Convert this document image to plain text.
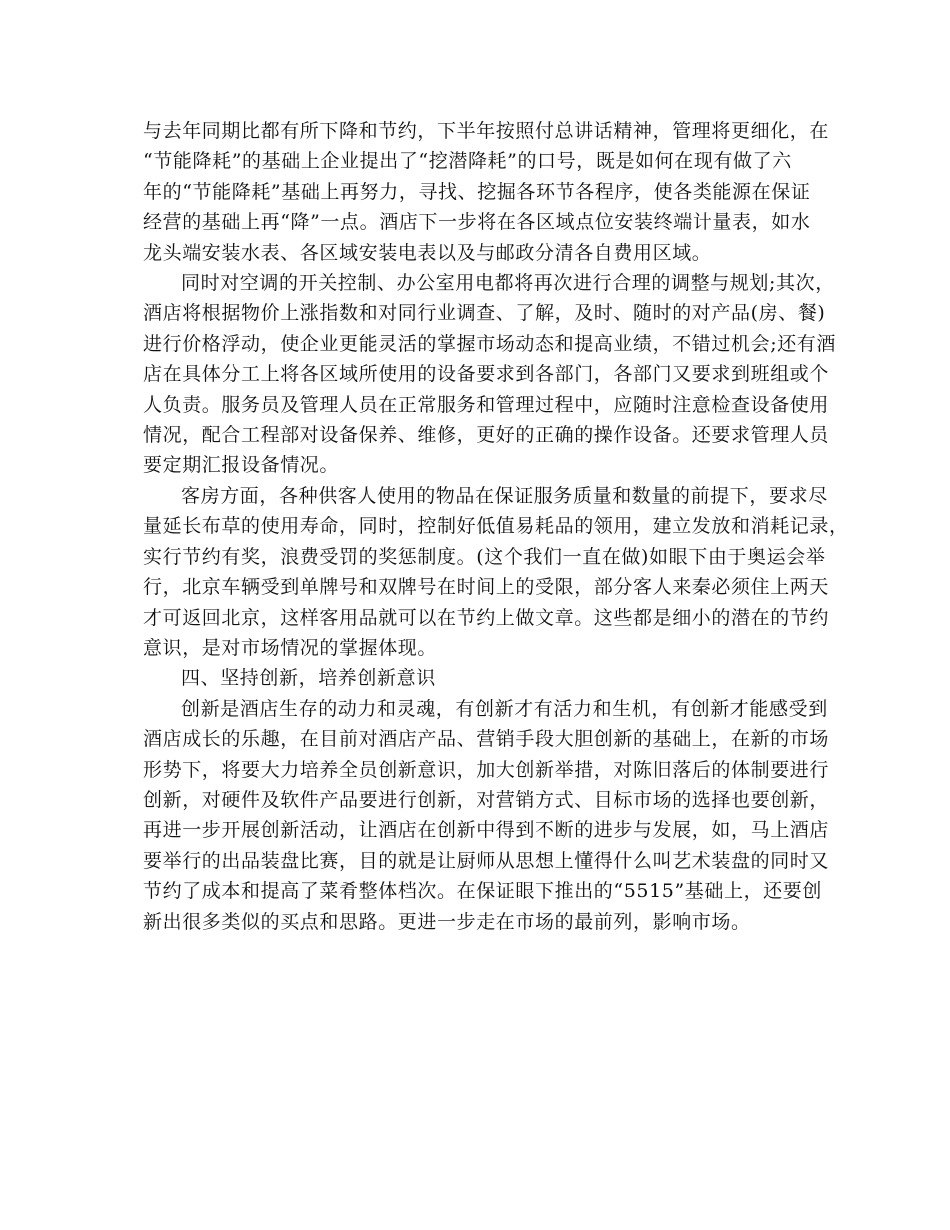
与去年同期比都有所下降和节约，下半年按照付总讲话精神，管理将更细化，在
“节能降耗”的基础上企业提出了“挖潜降耗”的口号，既是如何在现有做了六
年的“节能降耗”基础上再努力，寻找、挖掘各环节各程序，使各类能源在保证
经营的基础上再“降”一点。酒店下一步将在各区域点位安装终端计量表，如水
龙头端安装水表、各区域安装电表以及与邮政分清各自费用区域。

同时对空调的开关控制、办公室用电都将再次进行合理的调整与规划;其次，
酒店将根据物价上涨指数和对同行业调查、了解，及时、随时的对产品(房、餐)
进行价格浮动，使企业更能灵活的掌握市场动态和提高业绩，不错过机会;还有酒
店在具体分工上将各区域所使用的设备要求到各部门，各部门又要求到班组或个
人负责。服务员及管理人员在正常服务和管理过程中，应随时注意检查设备使用
情况，配合工程部对设备保养、维修，更好的正确的操作设备。还要求管理人员
要定期汇报设备情况。

客房方面，各种供客人使用的物品在保证服务质量和数量的前提下，要求尽
量延长布草的使用寿命，同时，控制好低值易耗品的领用，建立发放和消耗记录，
实行节约有奖，浪费受罚的奖惩制度。(这个我们一直在做)如眼下由于奥运会举
行，北京车辆受到单牌号和双牌号在时间上的受限，部分客人来秦必须住上两天
才可返回北京，这样客用品就可以在节约上做文章。这些都是细小的潜在的节约
意识，是对市场情况的掌握体现。

四、坚持创新，培养创新意识

创新是酒店生存的动力和灵魂，有创新才有活力和生机，有创新才能感受到
酒店成长的乐趣，在目前对酒店产品、营销手段大胆创新的基础上，在新的市场
形势下，将要大力培养全员创新意识，加大创新举措，对陈旧落后的体制要进行
创新，对硬件及软件产品要进行创新，对营销方式、目标市场的选择也要创新，
再进一步开展创新活动，让酒店在创新中得到不断的进步与发展，如，马上酒店
要举行的出品装盘比赛，目的就是让厨师从思想上懂得什么叫艺术装盘的同时又
节约了成本和提高了菜肴整体档次。在保证眼下推出的“5515”基础上，还要创
新出很多类似的买点和思路。更进一步走在市场的最前列，影响市场。
